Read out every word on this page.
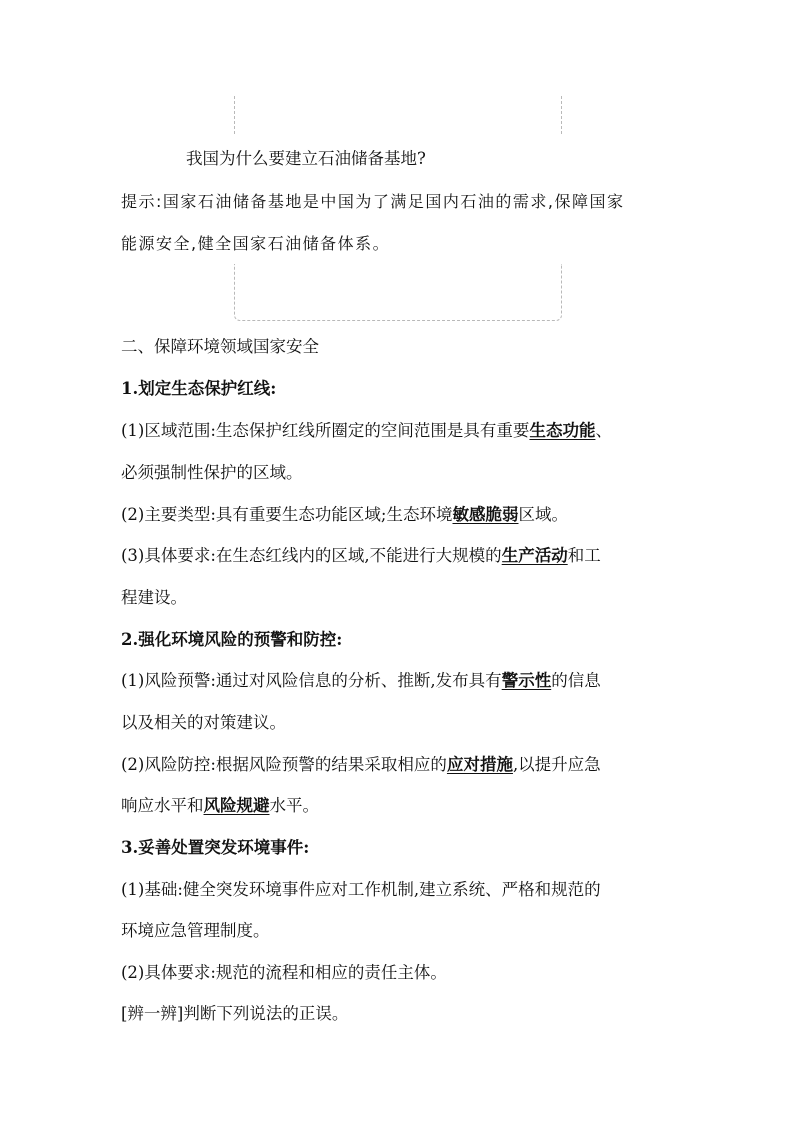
我国为什么要建立石油储备基地?
提示:国家石油储备基地是中国为了满足国内石油的需求,保障国家
能源安全,健全国家石油储备体系。
二、保障环境领域国家安全
1.划定生态保护红线:
(1)区域范围:生态保护红线所圈定的空间范围是具有重要生态功能、
必须强制性保护的区域。
(2)主要类型:具有重要生态功能区域;生态环境敏感脆弱区域。
(3)具体要求:在生态红线内的区域,不能进行大规模的生产活动和工
程建设。
2.强化环境风险的预警和防控:
(1)风险预警:通过对风险信息的分析、推断,发布具有警示性的信息
以及相关的对策建议。
(2)风险防控:根据风险预警的结果采取相应的应对措施,以提升应急
响应水平和风险规避水平。
3.妥善处置突发环境事件:
(1)基础:健全突发环境事件应对工作机制,建立系统、严格和规范的
环境应急管理制度。
(2)具体要求:规范的流程和相应的责任主体。
[辨一辨]判断下列说法的正误。
